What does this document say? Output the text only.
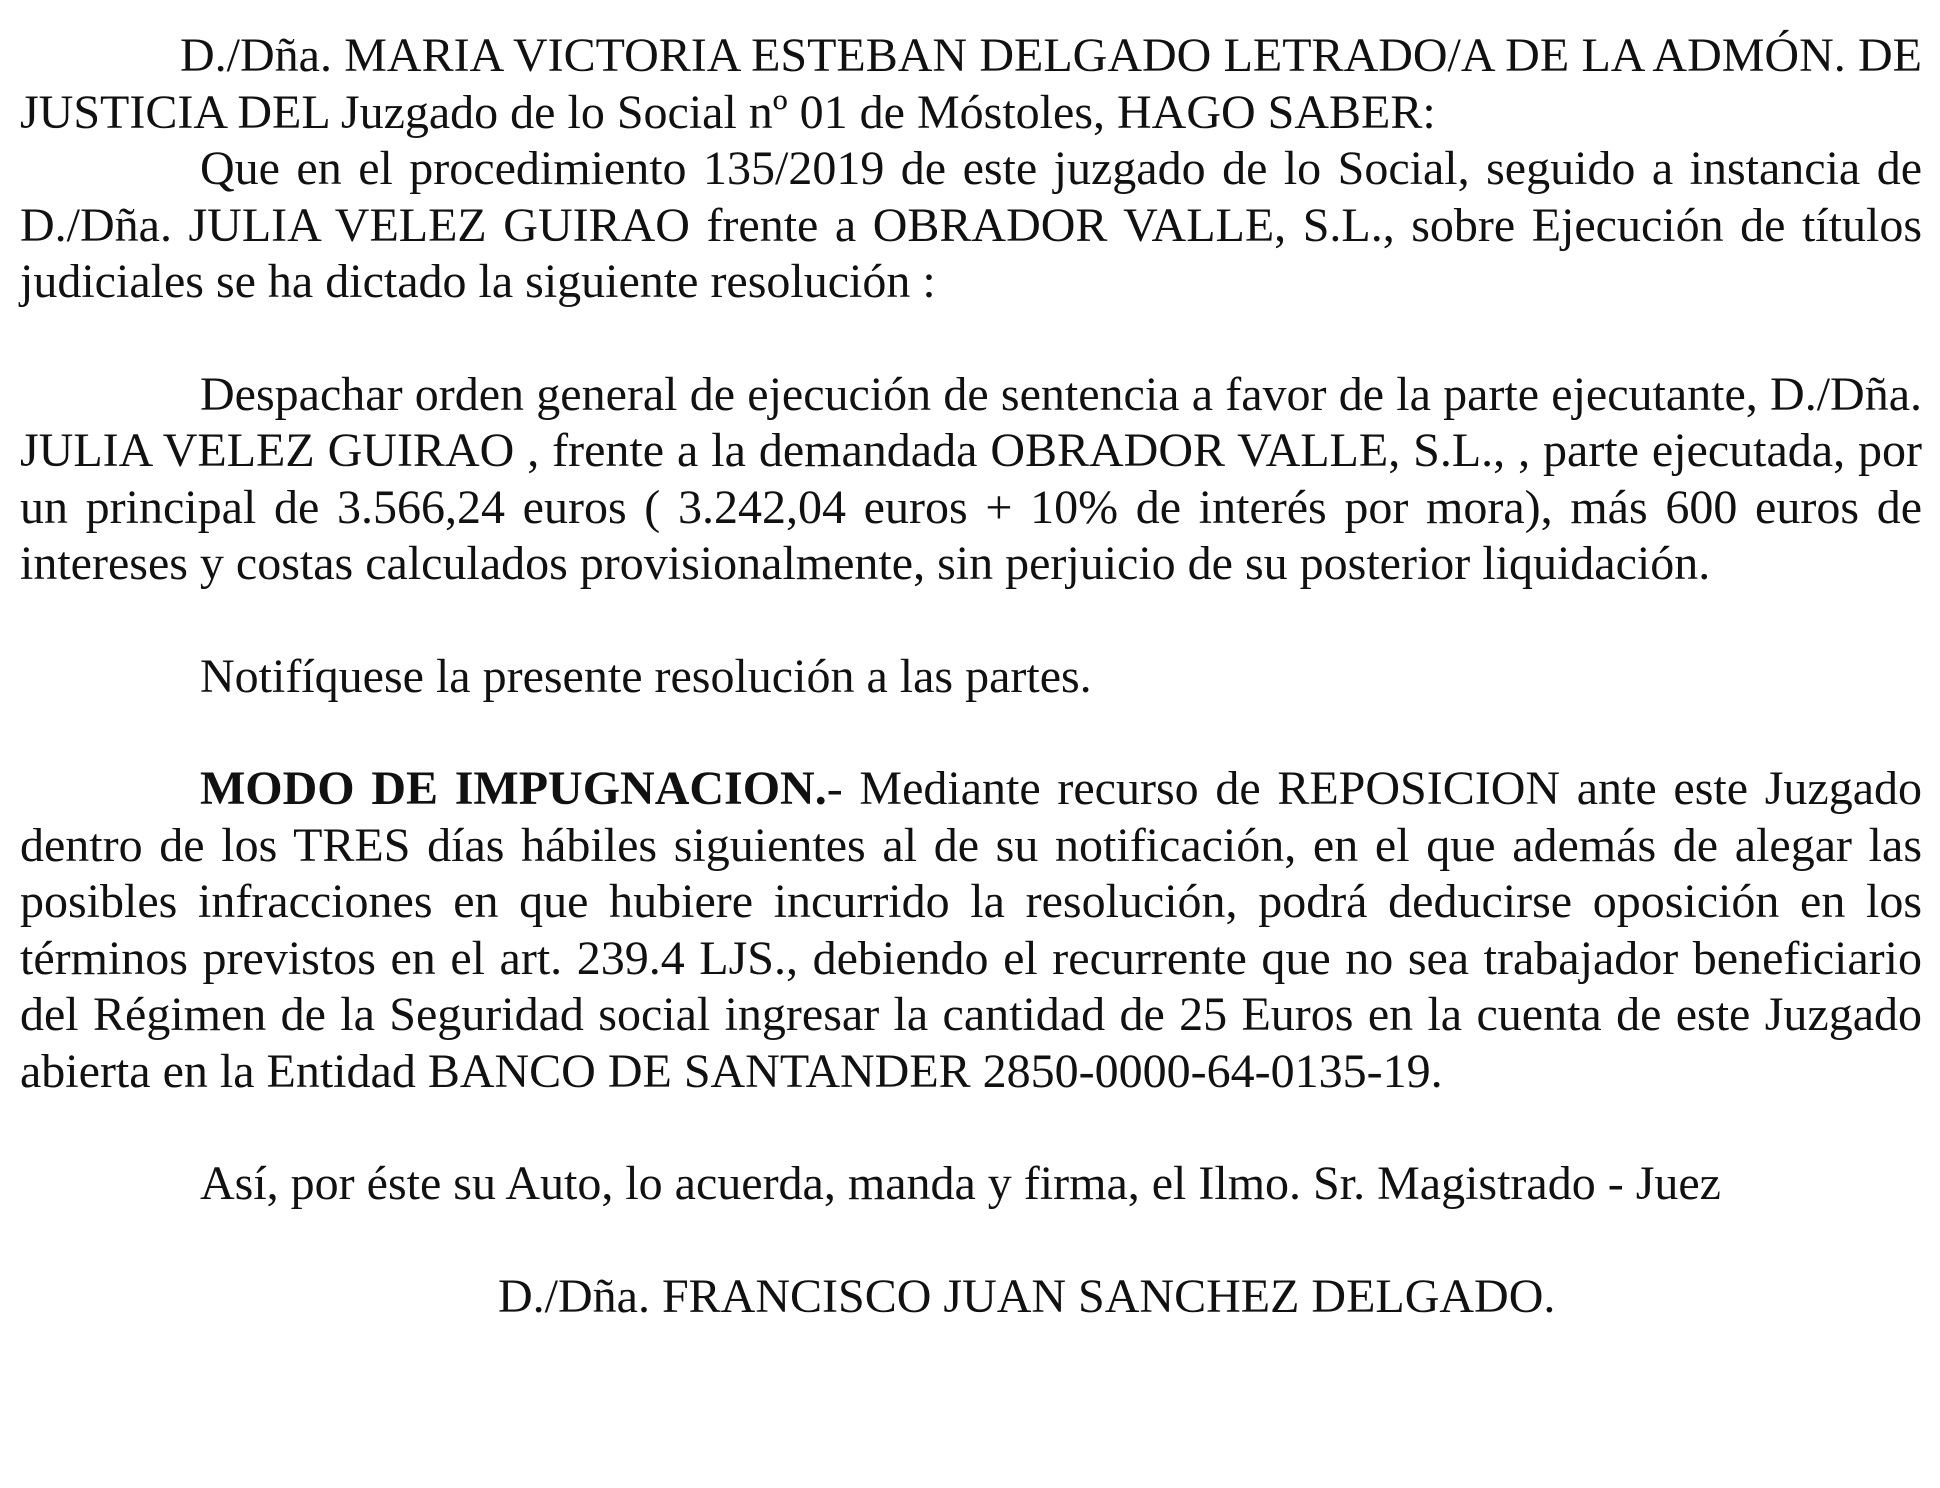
D./Dña. MARIA VICTORIA ESTEBAN DELGADO LETRADO/A DE LA ADMÓN. DE JUSTICIA DEL Juzgado de lo Social nº 01 de Móstoles, HAGO SABER:

Que en el procedimiento 135/2019 de este juzgado de lo Social, seguido a instancia de D./Dña. JULIA VELEZ GUIRAO frente a OBRADOR VALLE, S.L., sobre Ejecución de títulos judiciales se ha dictado la siguiente resolución :

Despachar orden general de ejecución de sentencia a favor de la parte ejecutante, D./Dña. JULIA VELEZ GUIRAO , frente a la demandada OBRADOR VALLE, S.L., , parte ejecutada, por un principal de 3.566,24 euros ( 3.242,04 euros + 10% de interés por mora), más 600 euros de intereses y costas calculados provisionalmente, sin perjuicio de su posterior liquidación.

Notifíquese la presente resolución a las partes.

MODO DE IMPUGNACION.- Mediante recurso de REPOSICION ante este Juzgado dentro de los TRES días hábiles siguientes al de su notificación, en el que además de alegar las posibles infracciones en que hubiere incurrido la resolución, podrá deducirse oposición en los términos previstos en el art. 239.4 LJS., debiendo el recurrente que no sea trabajador beneficiario del Régimen de la Seguridad social ingresar la cantidad de 25 Euros en la cuenta de este Juzgado abierta en la Entidad BANCO DE SANTANDER 2850-0000-64-0135-19.

Así, por éste su Auto, lo acuerda, manda y firma, el Ilmo. Sr. Magistrado - Juez

D./Dña. FRANCISCO JUAN SANCHEZ DELGADO.
